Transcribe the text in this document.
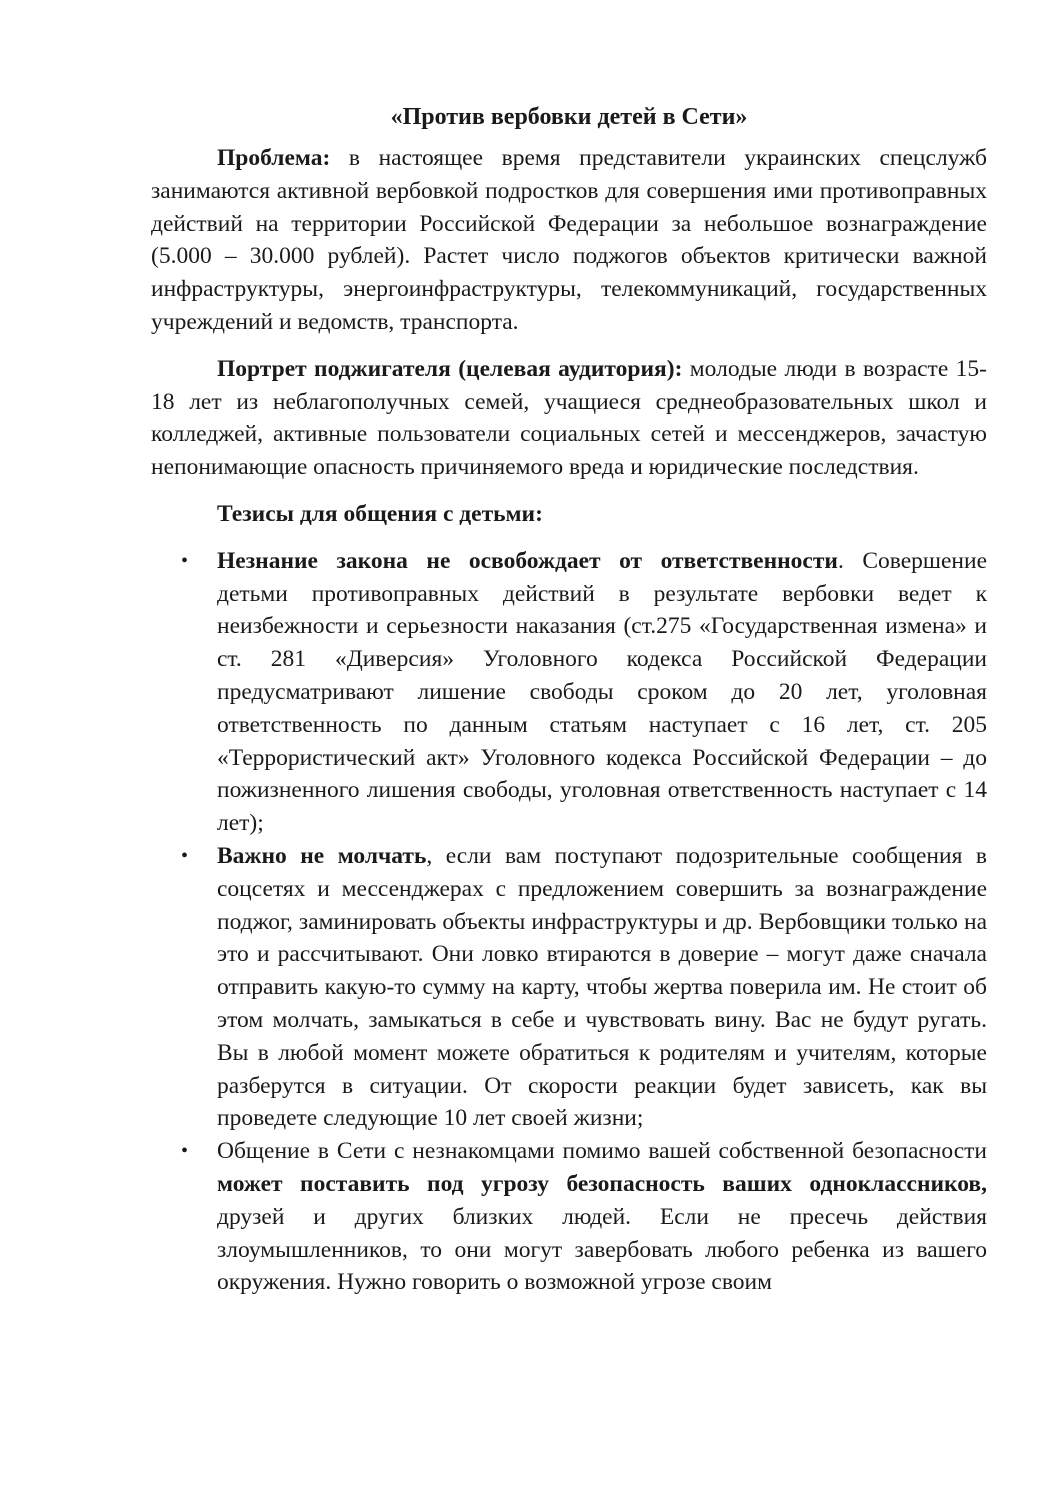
«Против вербовки детей в Сети»

Проблема: в настоящее время представители украинских спецслужб занимаются активной вербовкой подростков для совершения ими противоправных действий на территории Российской Федерации за небольшое вознаграждение (5.000 – 30.000 рублей). Растет число поджогов объектов критически важной инфраструктуры, энергоинфраструктуры, телекоммуникаций, государственных учреждений и ведомств, транспорта.

Портрет поджигателя (целевая аудитория): молодые люди в возрасте 15-18 лет из неблагополучных семей, учащиеся среднеобразовательных школ и колледжей, активные пользователи социальных сетей и мессенджеров, зачастую непонимающие опасность причиняемого вреда и юридические последствия.

Тезисы для общения с детьми:

• Незнание закона не освобождает от ответственности. Совершение детьми противоправных действий в результате вербовки ведет к неизбежности и серьезности наказания (ст.275 «Государственная измена» и ст. 281 «Диверсия» Уголовного кодекса Российской Федерации предусматривают лишение свободы сроком до 20 лет, уголовная ответственность по данным статьям наступает с 16 лет, ст. 205 «Террористический акт» Уголовного кодекса Российской Федерации – до пожизненного лишения свободы, уголовная ответственность наступает с 14 лет);
• Важно не молчать, если вам поступают подозрительные сообщения в соцсетях и мессенджерах с предложением совершить за вознаграждение поджог, заминировать объекты инфраструктуры и др. Вербовщики только на это и рассчитывают. Они ловко втираются в доверие – могут даже сначала отправить какую-то сумму на карту, чтобы жертва поверила им. Не стоит об этом молчать, замыкаться в себе и чувствовать вину. Вас не будут ругать. Вы в любой момент можете обратиться к родителям и учителям, которые разберутся в ситуации. От скорости реакции будет зависеть, как вы проведете следующие 10 лет своей жизни;
• Общение в Сети с незнакомцами помимо вашей собственной безопасности может поставить под угрозу безопасность ваших одноклассников, друзей и других близких людей. Если не пресечь действия злоумышленников, то они могут завербовать любого ребенка из вашего окружения. Нужно говорить о возможной угрозе своим
